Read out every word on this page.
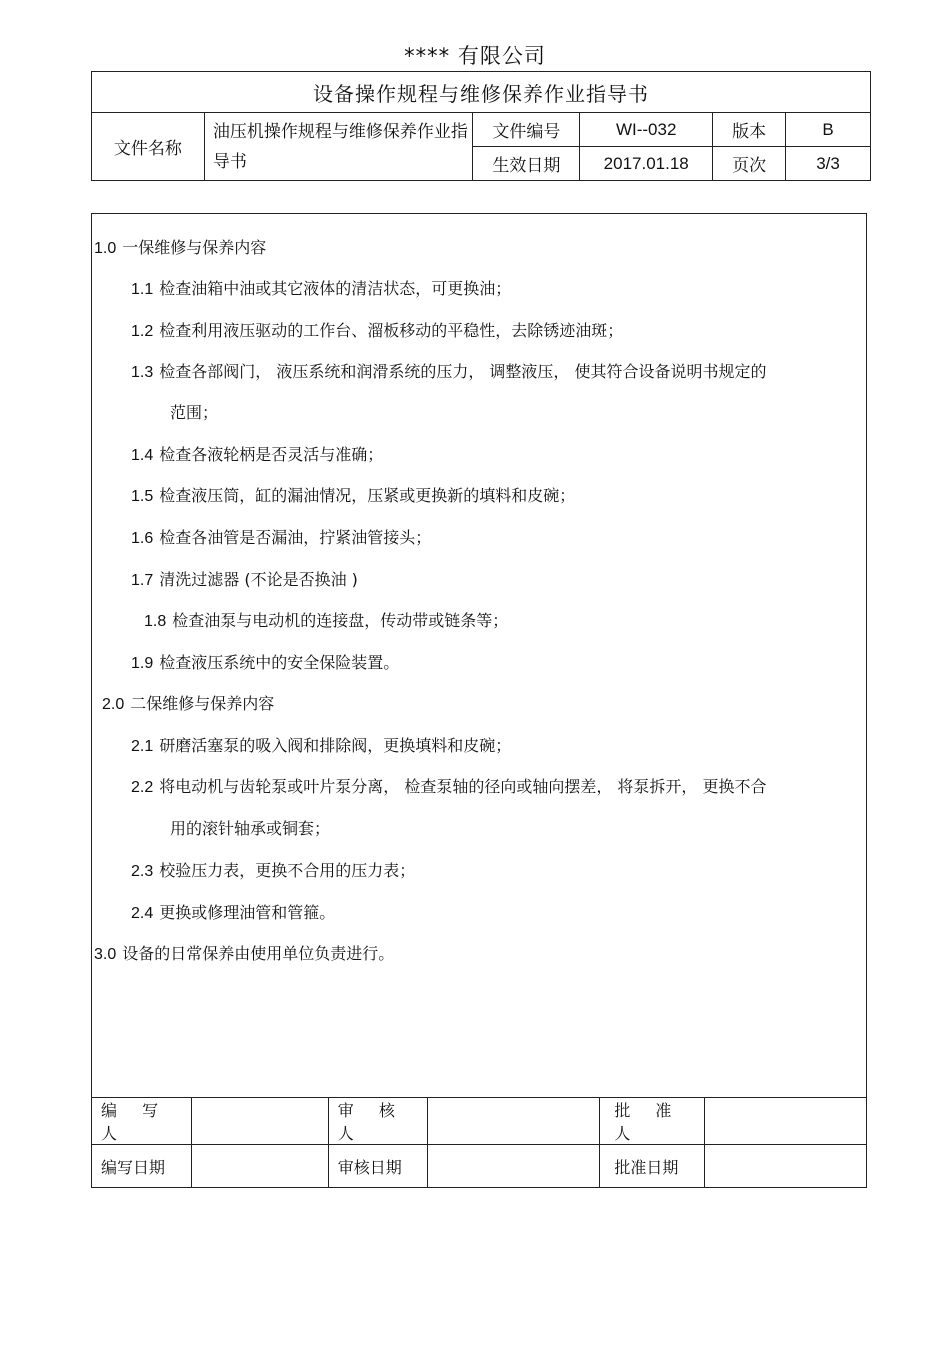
**** 有限公司
设备操作规程与维修保养作业指导书					
文件名称	油压机操作规程与维修保养作业指导书	文件编号	WI--032	版本	B
		生效日期	2017.01.18	页次	3/3
1.0 一保维修与保养内容
1.1 检查油箱中油或其它液体的清洁状态，可更换油；
1.2 检查利用液压驱动的工作台、溜板移动的平稳性，去除锈迹油斑；
1.3 检查各部阀门， 液压系统和润滑系统的压力， 调整液压， 使其符合设备说明书规定的
范围；
1.4 检查各液轮柄是否灵活与准确；
1.5 检查液压筒，缸的漏油情况，压紧或更换新的填料和皮碗；
1.6 检查各油管是否漏油，拧紧油管接头；
1.7 清洗过滤器 (不论是否换油 )
1.8 检查油泵与电动机的连接盘，传动带或链条等；
1.9 检查液压系统中的安全保险装置。
2.0 二保维修与保养内容
2.1 研磨活塞泵的吸入阀和排除阀，更换填料和皮碗；
2.2 将电动机与齿轮泵或叶片泵分离， 检查泵轴的径向或轴向摆差， 将泵拆开， 更换不合
用的滚针轴承或铜套；
2.3 校验压力表，更换不合用的压力表；
2.4 更换或修理油管和管箍。
3.0 设备的日常保养由使用单位负责进行。
编 写 人		审 核 人		批 准 人	
编写日期		审核日期		批准日期	
